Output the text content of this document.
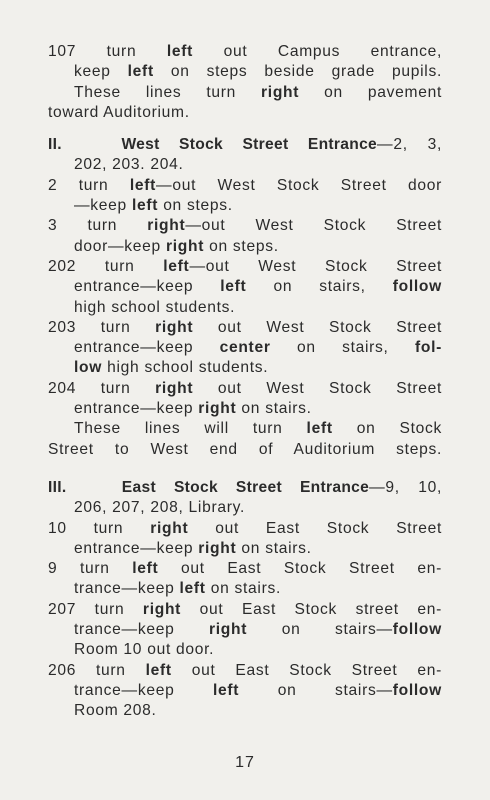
107 turn left out Campus entrance,
keep left on steps beside grade pupils.
These lines turn right on pavement
toward Auditorium.
II.	West Stock Street Entrance—2, 3,
202, 203. 204.
2 turn left—out West Stock Street door
—keep left on steps.
3 turn right—out West Stock Street
door—keep right on steps.
202 turn left—out West Stock Street
entrance—keep left on stairs, follow
high school students.
203 turn right out West Stock Street
entrance—keep center on stairs, fol-
low high school students.
204 turn right out West Stock Street
entrance—keep right on stairs.
These lines will turn left on Stock
Street to West end of Auditorium steps.
III.	East Stock Street Entrance—9, 10,
206, 207, 208, Library.
10 turn right out East Stock Street
entrance—keep right on stairs.
9 turn left out East Stock Street en-
trance—keep left on stairs.
207 turn right out East Stock street en-
trance—keep right on stairs—follow
Room 10 out door.
206 turn left out East Stock Street en-
trance—keep left on stairs—follow
Room 208.
17
